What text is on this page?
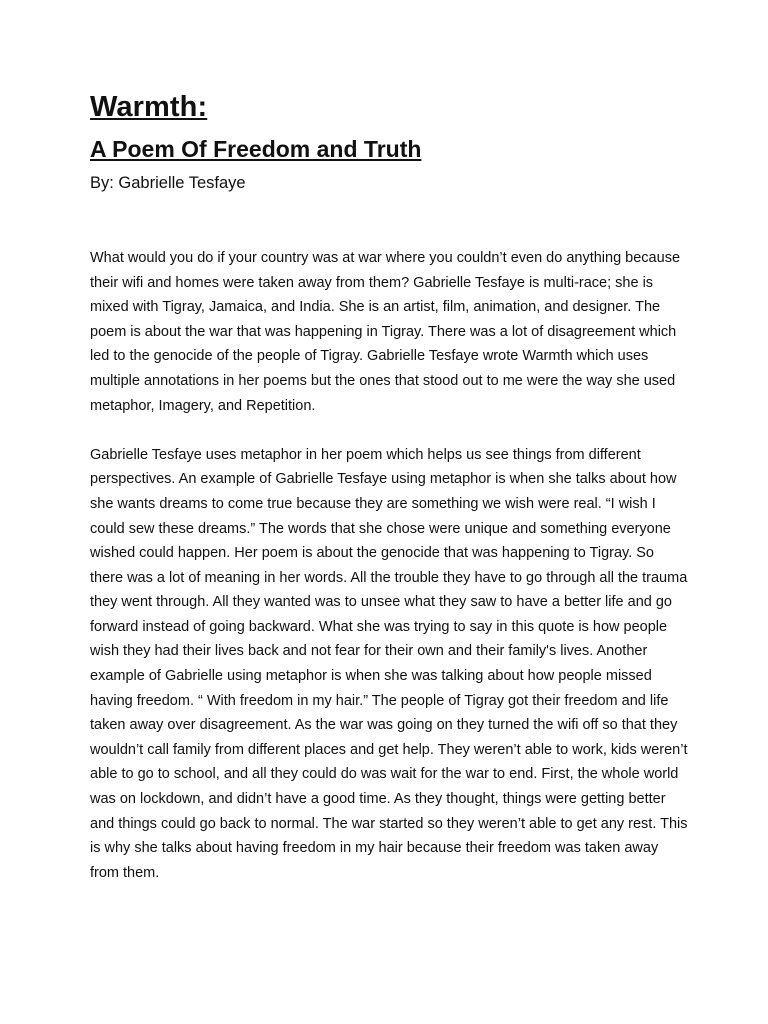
Warmth:
A Poem Of Freedom and Truth

By: Gabrielle Tesfaye

What would you do if your country was at war where you couldn’t even do anything because their wifi and homes were taken away from them? Gabrielle Tesfaye is multi-race; she is mixed with Tigray, Jamaica, and India. She is an artist, film, animation, and designer. The poem is about the war that was happening in Tigray. There was a lot of disagreement which led to the genocide of the people of Tigray. Gabrielle Tesfaye wrote Warmth which uses multiple annotations in her poems but the ones that stood out to me were the way she used metaphor, Imagery, and Repetition.

Gabrielle Tesfaye uses metaphor in her poem which helps us see things from different perspectives. An example of Gabrielle Tesfaye using metaphor is when she talks about how she wants dreams to come true because they are something we wish were real. “I wish I could sew these dreams.” The words that she chose were unique and something everyone wished could happen. Her poem is about the genocide that was happening to Tigray. So there was a lot of meaning in her words. All the trouble they have to go through all the trauma they went through. All they wanted was to unsee what they saw to have a better life and go forward instead of going backward. What she was trying to say in this quote is how people wish they had their lives back and not fear for their own and their family's lives. Another example of Gabrielle using metaphor is when she was talking about how people missed having freedom. “ With freedom in my hair.” The people of Tigray got their freedom and life taken away over disagreement. As the war was going on they turned the wifi off so that they wouldn’t call family from different places and get help. They weren’t able to work, kids weren’t able to go to school, and all they could do was wait for the war to end. First, the whole world was on lockdown, and didn’t have a good time. As they thought, things were getting better and things could go back to normal. The war started so they weren’t able to get any rest. This is why she talks about having freedom in my hair because their freedom was taken away from them.
